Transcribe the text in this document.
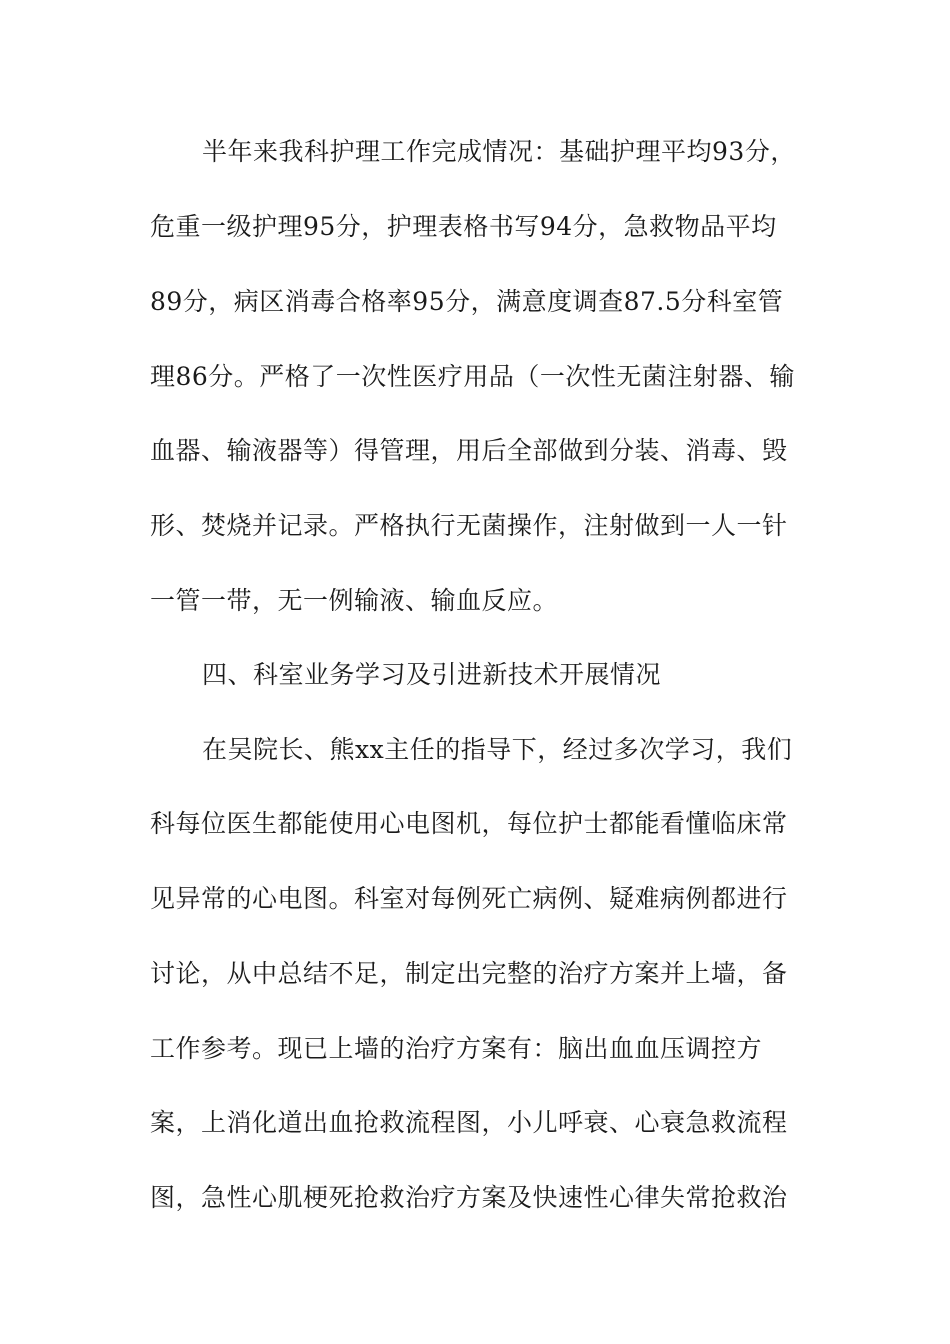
半年来我科护理工作完成情况：基础护理平均93分，
危重一级护理95分，护理表格书写94分，急救物品平均
89分，病区消毒合格率95分，满意度调查87.5分科室管
理86分。严格了一次性医疗用品（一次性无菌注射器、输
血器、输液器等）得管理，用后全部做到分装、消毒、毁
形、焚烧并记录。严格执行无菌操作，注射做到一人一针
一管一带，无一例输液、输血反应。
四、科室业务学习及引进新技术开展情况
在吴院长、熊xx主任的指导下，经过多次学习，我们
科每位医生都能使用心电图机，每位护士都能看懂临床常
见异常的心电图。科室对每例死亡病例、疑难病例都进行
讨论，从中总结不足，制定出完整的治疗方案并上墙，备
工作参考。现已上墙的治疗方案有：脑出血血压调控方
案，上消化道出血抢救流程图，小儿呼衰、心衰急救流程
图，急性心肌梗死抢救治疗方案及快速性心律失常抢救治
